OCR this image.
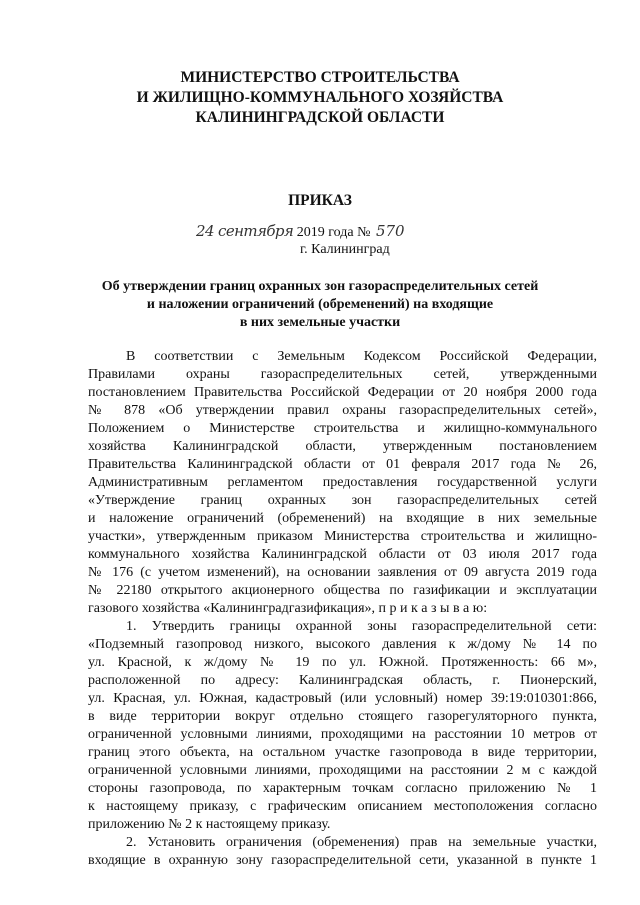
МИНИСТЕРСТВО СТРОИТЕЛЬСТВА
И ЖИЛИЩНО-КОММУНАЛЬНОГО ХОЗЯЙСТВА
КАЛИНИНГРАДСКОЙ ОБЛАСТИ
ПРИКАЗ
24 сентября 2019 года № 570
г. Калининград
Об утверждении границ охранных зон газораспределительных сетей
и наложении ограничений (обременений) на входящие
в них земельные участки
В соответствии с Земельным Кодексом Российской Федерации,
Правилами охраны газораспределительных сетей, утвержденными
постановлением Правительства Российской Федерации от 20 ноября 2000 года
№ 878 «Об утверждении правил охраны газораспределительных сетей»,
Положением о Министерстве строительства и жилищно-коммунального
хозяйства Калининградской области, утвержденным постановлением
Правительства Калининградской области от 01 февраля 2017 года № 26,
Административным регламентом предоставления государственной услуги
«Утверждение границ охранных зон газораспределительных сетей
и наложение ограничений (обременений) на входящие в них земельные
участки», утвержденным приказом Министерства строительства и жилищно-
коммунального хозяйства Калининградской области от 03 июля 2017 года
№ 176 (с учетом изменений), на основании заявления от 09 августа 2019 года
№ 22180 открытого акционерного общества по газификации и эксплуатации
газового хозяйства «Калининградгазификация», п р и к а з ы в а ю:
1. Утвердить границы охранной зоны газораспределительной сети:
«Подземный газопровод низкого, высокого давления к ж/дому № 14 по
ул. Красной, к ж/дому № 19 по ул. Южной. Протяженность: 66 м»,
расположенной по адресу: Калининградская область, г. Пионерский,
ул. Красная, ул. Южная, кадастровый (или условный) номер 39:19:010301:866,
в виде территории вокруг отдельно стоящего газорегуляторного пункта,
ограниченной условными линиями, проходящими на расстоянии 10 метров от
границ этого объекта, на остальном участке газопровода в виде территории,
ограниченной условными линиями, проходящими на расстоянии 2 м с каждой
стороны газопровода, по характерным точкам согласно приложению № 1
к настоящему приказу, с графическим описанием местоположения согласно
приложению № 2 к настоящему приказу.
2. Установить ограничения (обременения) прав на земельные участки,
входящие в охранную зону газораспределительной сети, указанной в пункте 1
